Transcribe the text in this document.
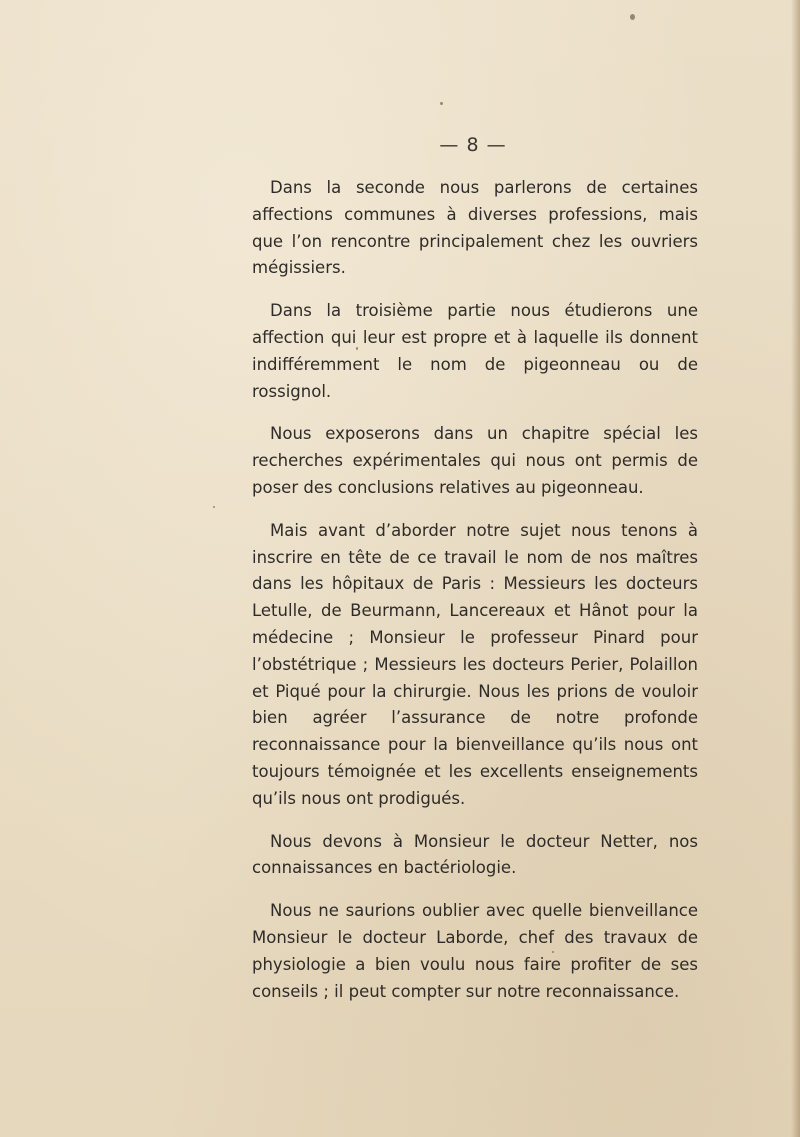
— 8 —

Dans la seconde nous parlerons de certaines affections communes à diverses professions, mais que l’on rencontre principalement chez les ouvriers mégissiers.

Dans la troisième partie nous étudierons une affection qui leur est propre et à laquelle ils donnent indifféremment le nom de pigeonneau ou de rossignol.

Nous exposerons dans un chapitre spécial les recherches expérimentales qui nous ont permis de poser des conclusions relatives au pigeonneau.

Mais avant d’aborder notre sujet nous tenons à inscrire en tête de ce travail le nom de nos maîtres dans les hôpitaux de Paris : Messieurs les docteurs Letulle, de Beurmann, Lancereaux et Hânot pour la médecine ; Monsieur le professeur Pinard pour l’obstétrique ; Messieurs les docteurs Perier, Polaillon et Piqué pour la chirurgie. Nous les prions de vouloir bien agréer l’assurance de notre profonde reconnaissance pour la bienveillance qu’ils nous ont toujours témoignée et les excellents enseignements qu’ils nous ont prodigués.

Nous devons à Monsieur le docteur Netter, nos connaissances en bactériologie.

Nous ne saurions oublier avec quelle bienveillance Monsieur le docteur Laborde, chef des travaux de physiologie a bien voulu nous faire profiter de ses conseils ; il peut compter sur notre reconnaissance.
